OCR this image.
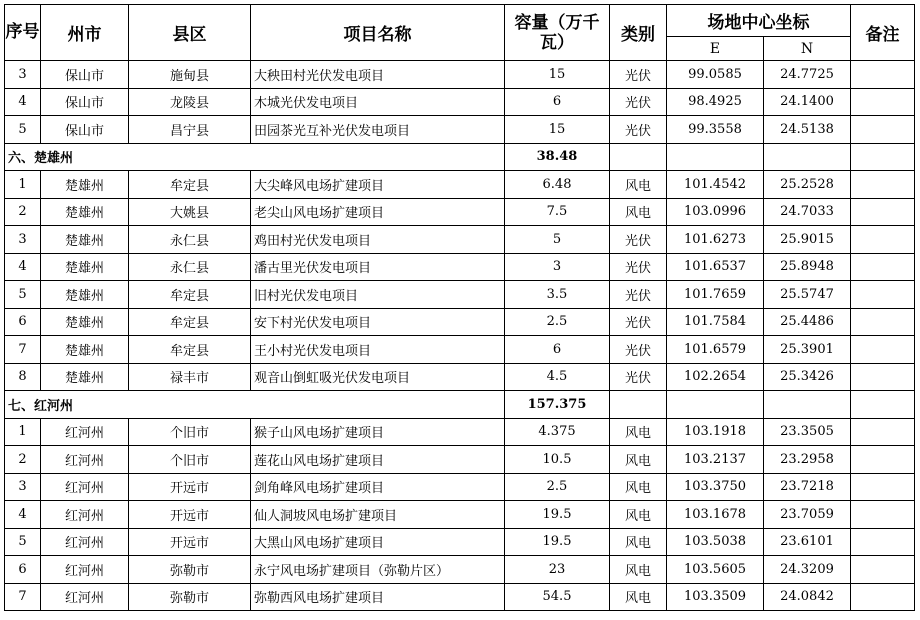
序号	州市	县区	项目名称	容量（万千瓦）	类别	场地中心坐标		备注
						E	N	
3	保山市	施甸县	大秧田村光伏发电项目	15	光伏	99.0585	24.7725	
4	保山市	龙陵县	木城光伏发电项目	6	光伏	98.4925	24.1400	
5	保山市	昌宁县	田园茶光互补光伏发电项目	15	光伏	99.3558	24.5138	
六、楚雄州				38.48				
1	楚雄州	牟定县	大尖峰风电场扩建项目	6.48	风电	101.4542	25.2528	
2	楚雄州	大姚县	老尖山风电场扩建项目	7.5	风电	103.0996	24.7033	
3	楚雄州	永仁县	鸡田村光伏发电项目	5	光伏	101.6273	25.9015	
4	楚雄州	永仁县	潘古里光伏发电项目	3	光伏	101.6537	25.8948	
5	楚雄州	牟定县	旧村光伏发电项目	3.5	光伏	101.7659	25.5747	
6	楚雄州	牟定县	安下村光伏发电项目	2.5	光伏	101.7584	25.4486	
7	楚雄州	牟定县	王小村光伏发电项目	6	光伏	101.6579	25.3901	
8	楚雄州	禄丰市	观音山倒虹吸光伏发电项目	4.5	光伏	102.2654	25.3426	
七、红河州				157.375				
1	红河州	个旧市	猴子山风电场扩建项目	4.375	风电	103.1918	23.3505	
2	红河州	个旧市	莲花山风电场扩建项目	10.5	风电	103.2137	23.2958	
3	红河州	开远市	剑角峰风电场扩建项目	2.5	风电	103.3750	23.7218	
4	红河州	开远市	仙人洞坡风电场扩建项目	19.5	风电	103.1678	23.7059	
5	红河州	开远市	大黑山风电场扩建项目	19.5	风电	103.5038	23.6101	
6	红河州	弥勒市	永宁风电场扩建项目（弥勒片区）	23	风电	103.5605	24.3209	
7	红河州	弥勒市	弥勒西风电场扩建项目	54.5	风电	103.3509	24.0842	
